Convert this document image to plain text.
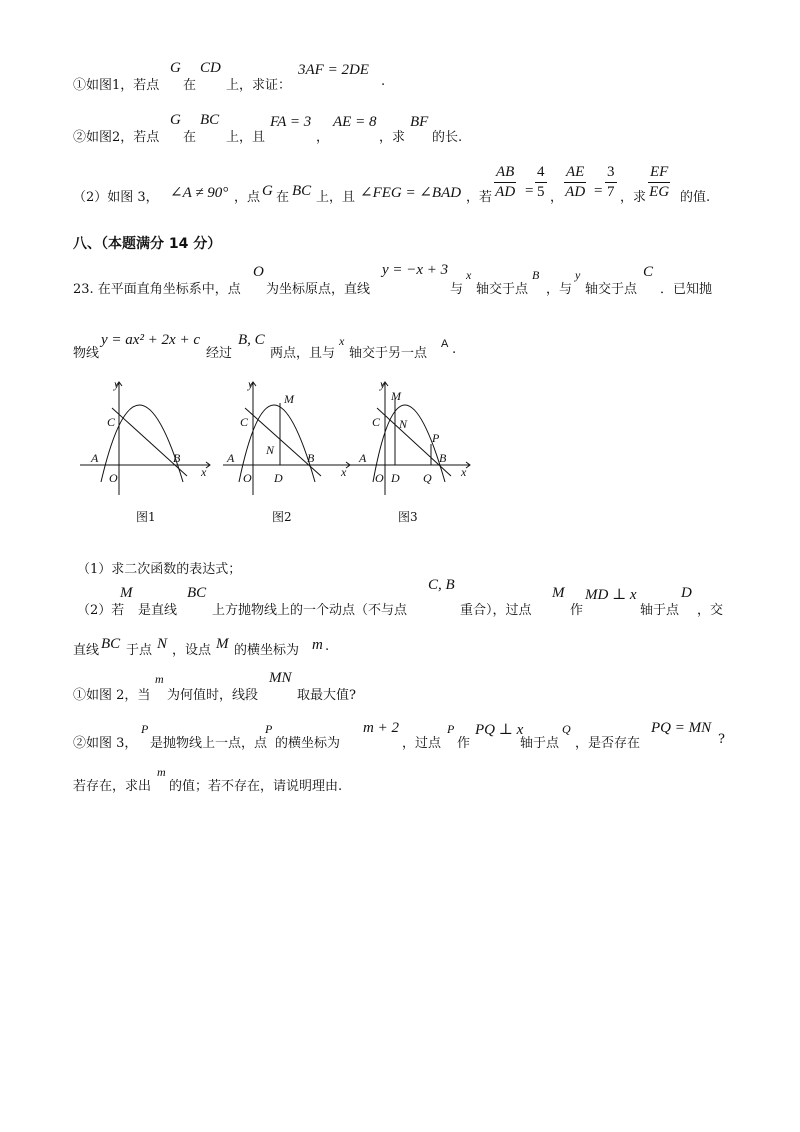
①如图1，若点
G
在
CD
上，求证：
3AF = 2DE
.
②如图2，若点
G
在
BC
上，且
FA = 3
，
AE = 8
，求
BF
的长.
（2）如图 3， ∠A ≠ 90° ，点 G 在 BC 上，且 ∠FEG = ∠BAD ，若 $\frac{AB}{AD} = \frac{4}{5}$ ， $\frac{AE}{AD} = \frac{3}{7}$ ，求 $\frac{EF}{EG}$ 的值.
八、（本题满分 14 分）
23. 在平面直角坐标系中，点
O
为坐标原点，直线
y = −x + 3
与
x
轴交于点
B
，与
y
轴交于点
C
．已知抛
物线
y = ax² + 2x + c
经过
B, C
两点，且与
x
轴交于另一点
A .
y
x
C
A
O
B
y
x
C
A
O
B
M
N
D
y
x
C
A
O
B
M
N
D
P
Q
图1	图2	图3
（1）求二次函数的表达式；
（2）若
M
是直线
BC
上方抛物线上的一个动点（不与点
C, B
重合），过点
M
作
MD ⊥ x
轴于点
D
，交
直线 BC 于点 N ，设点 M 的横坐标为 m .
①如图 2，当
m
为何值时，线段
MN
取最大值?
②如图 3，
P
是抛物线上一点，点
P
的横坐标为
m + 2
，过点
P
作
PQ ⊥ x
轴于点
Q
，是否存在
PQ = MN
?
若存在，求出
m
的值；若不存在，请说明理由.
